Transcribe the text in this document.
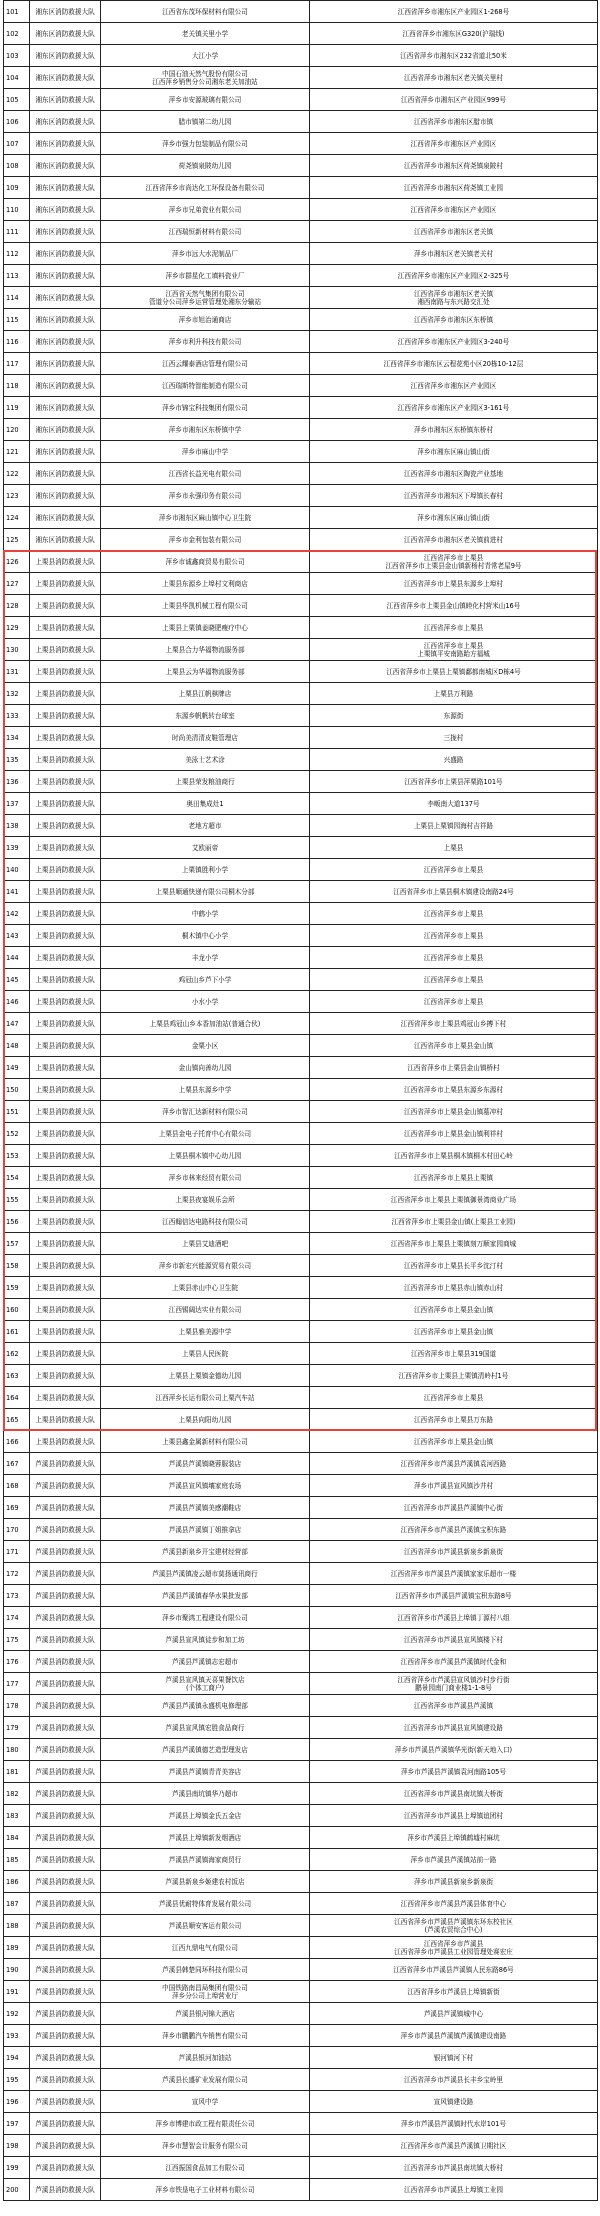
101	湘东区消防救援大队	江西省东茂环保材料有限公司	江西省萍乡市湘东区产业园区1-268号
102	湘东区消防救援大队	老关镇关里小学	江西省萍乡市湘东区G320(沪瑞线)
103	湘东区消防救援大队	大江小学	江西省萍乡市湘东区232省道北50米
104	湘东区消防救援大队	中国石油天然气股份有限公司
江西萍乡销售分公司湘东老关加油站	江西省萍乡市湘东区老关镇关里村
105	湘东区消防救援大队	萍乡市安源玻璃有限公司	江西省萍乡市湘东区产业园区999号
106	湘东区消防救援大队	腊市镇第二幼儿园	江西省萍乡市湘东区腊市镇
107	湘东区消防救援大队	萍乡市强力包装制品有限公司	江西省萍乡市湘东区产业园区
108	湘东区消防救援大队	荷尧镇泉陂幼儿园	江西省萍乡市湘东区荷尧镇泉陂村
109	湘东区消防救援大队	江西省萍乡市尚达化工环保设备有限公司	江西省萍乡市湘东区荷尧镇工业园
110	湘东区消防救援大队	萍乡市兄弟瓷业有限公司	江西省萍乡市湘东区产业园区
111	湘东区消防救援大队	江西瑞恒新材料有限公司	江西省萍乡市湘东区老关镇
112	湘东区消防救援大队	萍乡市远大水泥制品厂	萍乡市湘东区老关镇老关村
113	湘东区消防救援大队	萍乡市群星化工填料瓷业厂	江西省萍乡市湘东区产业园区2-325号
114	湘东区消防救援大队	江西省天然气集团有限公司
管道分公司萍乡运营管理处湘东分输站	江西省萍乡市湘东区老关镇
湘西南路与东兴路交汇处
115	湘东区消防救援大队	萍乡市旭治通商店	江西省萍乡市湘东区东桥镇
116	湘东区消防救援大队	萍乡市利升科技有限公司	江西省萍乡市湘东区产业园区3-240号
117	湘东区消防救援大队	江西云耀泰酒店管理有限公司	江西省萍乡市湘东区云程花苑小区20栋10-12层
118	湘东区消防救援大队	江西瑞斯特智能制造有限公司	江西省萍乡市湘东区产业园区
119	湘东区消防救援大队	萍乡市锦宝科技集团有限公司	江西省萍乡市湘东区产业园区3-161号
120	湘东区消防救援大队	萍乡市湘东区东桥镇中学	萍乡市湘东区东桥镇东桥村
121	湘东区消防救援大队	萍乡市麻山中学	萍乡市湘东区麻山镇山街
122	湘东区消防救援大队	江西省长益光电有限公司	江西省萍乡市湘东区陶瓷产业基地
123	湘东区消防救援大队	萍乡市永强印务有限公司	江西省萍乡市湘东区下埠镇长春村
124	湘东区消防救援大队	萍乡市湘东区麻山镇中心卫生院	萍乡市湘东区麻山镇山街
125	湘东区消防救援大队	萍乡市金利包装有限公司	江西省萍乡市湘东区老关镇前进村
126	上栗县消防救援大队	萍乡市诚鑫商贸易有限公司	江西省萍乡市上栗县
江西省萍乡市上栗县金山镇新杨村青常老屋9号
127	上栗县消防救援大队	上栗县东源乡上埠村文利商店	江西省萍乡市上栗县东源乡上埠村
128	上栗县消防救援大队	上栗县华凯机械工程有限公司	江西省萍乡市上栗县金山镇睦化村营米山16号
129	上栗县消防救援大队	上栗县上栗镇姜晓肥瘦疗中心	江西省萍乡市上栗县
130	上栗县消防救援大队	上栗县合力华福物流服务部	江西省萍乡市上栗县
上栗镇平安南路跆方福城
131	上栗县消防救援大队	上栗县云为华福物流服务部	江西省萍乡市上栗县上栗镇鄱都南城区D栋4号
132	上栗县消防救援大队	上栗县江帆棋牌店	上栗县万利路
133	上栗县消防救援大队	东源乡帆帆转台球室	东源街
134	上栗县消防救援大队	时尚美清清皮鞋管理店	三拢村
135	上栗县消防救援大队	美泳士艺术涂	兴盛路
136	上栗县消防救援大队	上栗县荣发粮油商行	江西省萍乡市上栗县萍栗路101号
137	上栗县消防救援大队	奥田集成灶1	李畈南大道137号
138	上栗县消防救援大队	老地方超市	上栗县上栗镇园海村吉祥路
139	上栗县消防救援大队	艾欧丽帝	上栗县
140	上栗县消防救援大队	上栗镇胜利小学	江西省萍乡市上栗县
141	上栗县消防救援大队	上栗县顺通快递有限公司桐木分部	江西省萍乡市上栗县桐木镇建设南路24号
142	上栗县消防救援大队	中鹤小学	江西省萍乡市上栗县
143	上栗县消防救援大队	桐木镇中心小学	江西省萍乡市上栗县
144	上栗县消防救援大队	丰龙小学	江西省萍乡市上栗县
145	上栗县消防救援大队	鸡冠山乡芦下小学	江西省萍乡市上栗县
146	上栗县消防救援大队	小水小学	江西省萍乡市上栗县
147	上栗县消防救援大队	上栗县鸡冠山乡本香加油站(普通合伙)	江西省萍乡市上栗县鸡冠山乡搏下村
148	上栗县消防救援大队	金栗小区	江西省萍乡市上栗县金山镇
149	上栗县消防救援大队	金山镇向善幼儿园	江西省萍乡市上栗县金山镇桥村
150	上栗县消防救援大队	上栗县东源乡中学	江西省萍乡市上栗县东源乡东源村
151	上栗县消防救援大队	萍乡市智汇达新材料有限公司	江西省萍乡市上栗县金山镇墓冲村
152	上栗县消防救援大队	上栗县金电子托育中心有限公司	江西省萍乡市上栗县金山镇利祥村
153	上栗县消防救援大队	上栗县桐木镇中心幼儿园	江西省萍乡市上栗县桐木镇桐木村田心岭
154	上栗县消防救援大队	萍乡市林来经贸有限公司	江西省萍乡市上栗县上栗镇
155	上栗县消防救援大队	上栗县夜宴娱乐会所	江西省萍乡市上栗县上栗镇御景湾商业广场
156	上栗县消防救援大队	江西翰信达电路科技有限公司	江西省萍乡市上栗县金山镇(上栗县工业园)
157	上栗县消防救援大队	上栗县艾迪酒吧	江西省萍乡市上栗县上栗镇刻万顺家园商城
158	上栗县消防救援大队	萍乡市新宏兴能源贸易有限公司	江西省萍乡市上栗县长平乡沈汀村
159	上栗县消防救援大队	上栗县赤山中心卫生院	江西省萍乡市上栗县赤山镇赤山村
160	上栗县消防救援大队	江西锡阔达实业有限公司	江西省萍乡市上栗县金山镇
161	上栗县消防救援大队	上栗县雅美源中学	江西省萍乡市上栗县金山镇
162	上栗县消防救援大队	上栗县人民医院	江西省萍乡市上栗县319国道
163	上栗县消防救援大队	上栗县上栗镇金德幼儿园	江西省萍乡市上栗县上栗镇清岭村1号
164	上栗县消防救援大队	江西萍乡长运有限公司上栗汽车站	江西省萍乡市上栗县
165	上栗县消防救援大队	上栗县向阳幼儿园	江西省萍乡市上栗县万东路
166	上栗县消防救援大队	上栗县鑫金属新材料有限公司	江西省萍乡市上栗县金山镇
167	芦溪县消防救援大队	芦溪县芦溪镇晓蓉服装店	江西省萍乡市芦溪县芦溪镇袁河西路
168	芦溪县消防救援大队	芦溪县宣风镇壤家庭农场	萍乡市芦溪县宣风镇沙井村
169	芦溪县消防救援大队	芦溪县芦溪镇美感潮鞋店	江西省萍乡市芦溪县芦溪镇中心街
170	芦溪县消防救援大队	芦溪县芦溪镇丁姐推拿店	江西省萍乡市芦溪县芦溪镇宝积东路
171	芦溪县消防救援大队	芦溪县新泉乡开宝建材经营部	江西省萍乡市芦溪县新泉乡新泉街
172	芦溪县消防救援大队	芦溪县芦溪镇凌云超市莫扬通讯商行	江西省萍乡市芦溪县芦溪镇家家乐超市一楼
173	芦溪县消防救援大队	芦溪县芦溪镇春华水果批发部	江西省萍乡市芦溪县芦溪镇宝积东路8号
174	芦溪县消防救援大队	萍乡市聚鸿工程建设有限公司	江西省萍乡市芦溪县上埠镇丁源村八组
175	芦溪县消防救援大队	芦溪县宣风镇徒步和加工坊	江西省萍乡市芦溪县宣风镇楼下村
176	芦溪县消防救援大队	芦溪县芦溪镇志宏超市	江西省萍乡市芦溪县芦溪镇时代金和
177	芦溪县消防救援大队	芦溪县宣风镇天喜果餐饮店
(个体工商户)	江西省萍乡市芦溪县宣风镇沙村步行街
鹏景园南门商业楼1-1-8号
178	芦溪县消防救援大队	芦溪县芦溪镇永盛机电修理部	江西省萍乡市芦溪县芦溪镇
179	芦溪县消防救援大队	芦溪县宣风镇宏胜食品商行	江西省萍乡市芦溪县宣风镇建设路
180	芦溪县消防救援大队	芦溪县芦溪镇德艺造型理发店	萍乡市芦溪县芦溪镇华光街(新天地入口)
181	芦溪县消防救援大队	芦溪县芦溪镇青青美容店	萍乡市芦溪县芦溪镇袁河南路105号
182	芦溪县消防救援大队	芦溪县南坑镇华乃超市	江西省萍乡市芦溪县南坑镇大桥街
183	芦溪县消防救援大队	芦溪县上埠镇金氏五金店	江西省萍乡市芦溪县上埠镇谊团村
184	芦溪县消防救援大队	芦溪县上埠镇新发烟酒店	萍乡市芦溪县上埠镇鹤墟村麻坑
185	芦溪县消防救援大队	芦溪县芦溪镇海家商贸行	萍乡市芦溪县芦溪镇站前一路
186	芦溪县消防救援大队	芦溪县新泉乡姬建农村饭店	萍乡市芦溪县新泉乡新泉街
187	芦溪县消防救援大队	芦溪县优耐特体育发展有限公司	江西省萍乡市芦溪县芦溪县体育中心
188	芦溪县消防救援大队	芦溪县顺安客运有限公司	江西省萍乡市芦溪县芦溪镇东环东校社区
(芦溪农贸综合中心)
189	芦溪县消防救援大队	江西九鼎电气有限公司	江西省萍乡市芦溪县
江西省萍乡市芦溪县工业园管理处赛宏庄
190	芦溪县消防救援大队	芦溪县韩楚同环科技有限公司	江西省萍乡市芦溪县芦溪镇人民东路86号
191	芦溪县消防救援大队	中国铁路南昌局集团有限公司
萍乡分公司上埠营业厅	江西省萍乡市芦溪县上埠镇新街
192	芦溪县消防救援大队	芦溪县银河锦大酒店	芦溪县芦溪镇城中心
193	芦溪县消防救援大队	萍乡市鹏鹏汽车销售有限公司	萍乡市芦溪县芦溪镇芦溪镇建设南路
194	芦溪县消防救援大队	芦溪县银河加油站	银河镇河下村
195	芦溪县消防救援大队	芦溪县长盛矿业发展有限公司	江西省萍乡市芦溪县长丰乡宝岭里
196	芦溪县消防救援大队	宣风中学	宣风镇建设路
197	芦溪县消防救援大队	萍乡市博建市政工程有限责任公司	萍乡市芦溪县芦溪镇时代水岸101号
198	芦溪县消防救援大队	萍乡市慧智会计服务有限公司	江西省萍乡市芦溪县芦溪镇卫期社区
199	芦溪县消防救援大队	江西振国食品加工有限公司	江西省萍乡市芦溪县南坑镇大桥村
200	芦溪县消防救援大队	萍乡市铁垦电子工业材料有限公司	江西省萍乡市芦溪县上埠镇工业园
